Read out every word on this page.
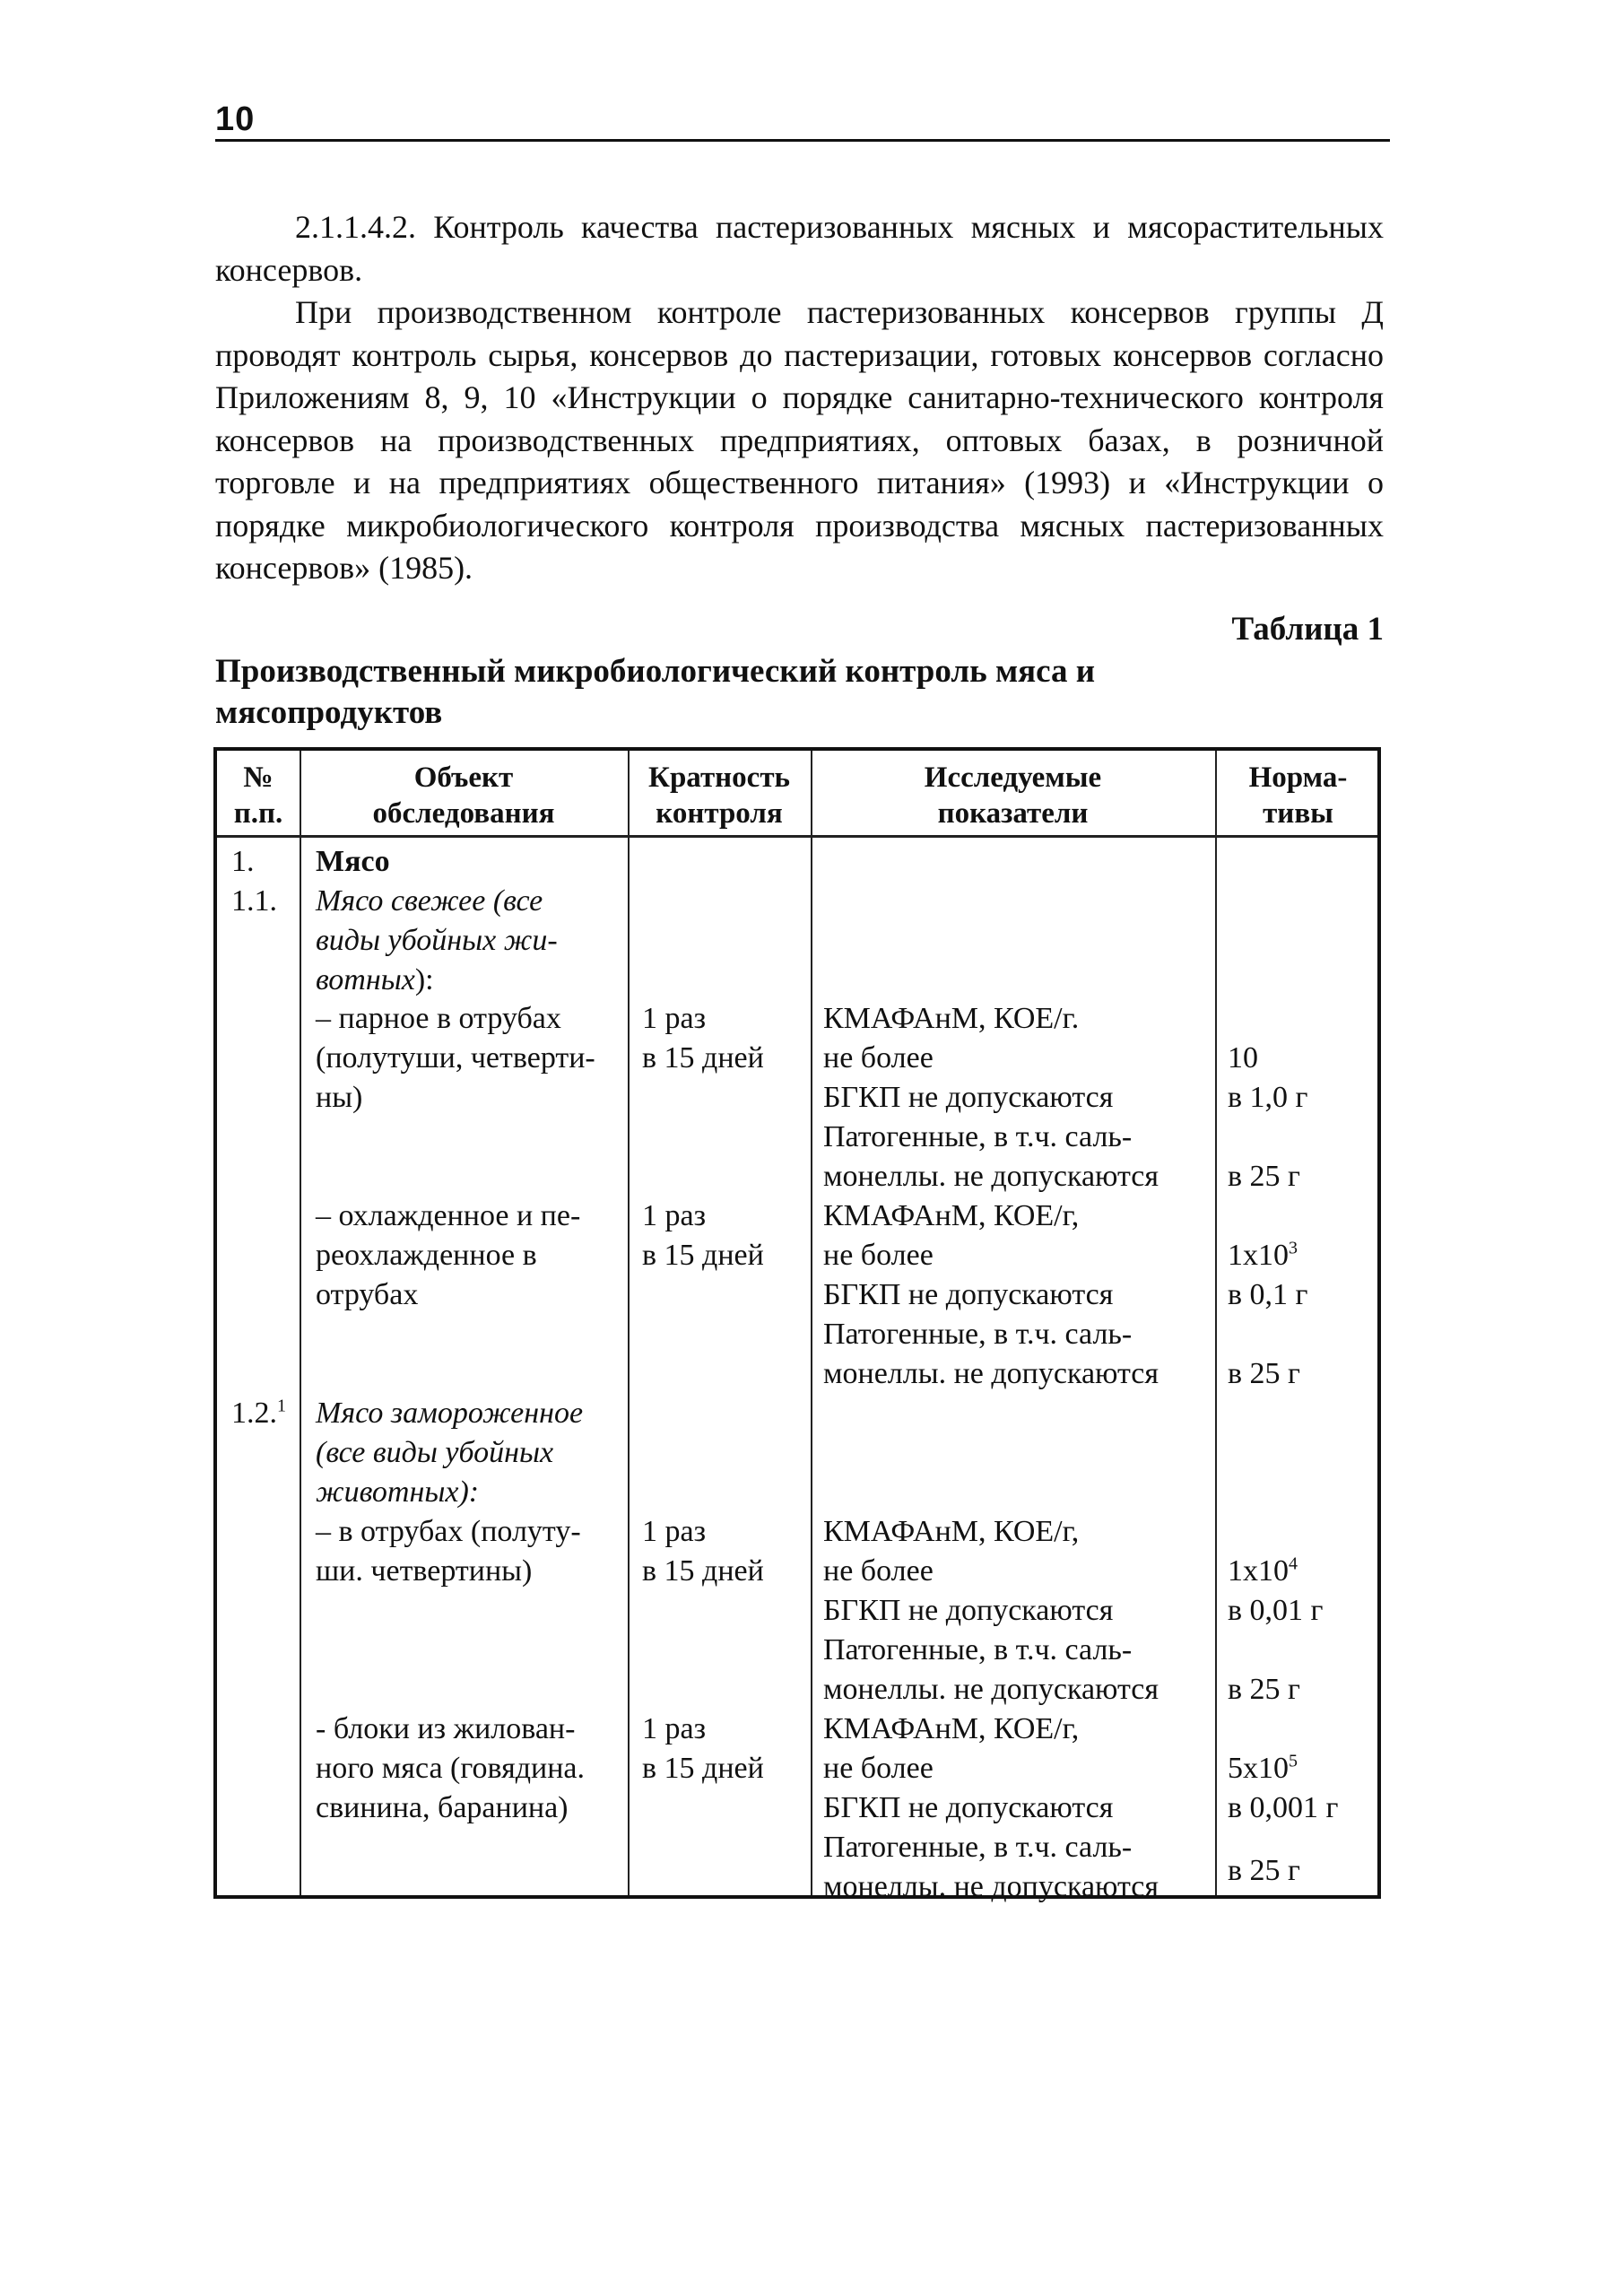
10

2.1.1.4.2. Контроль качества пастеризованных мясных и мясорастительных консервов.

При производственном контроле пастеризованных консервов группы Д проводят контроль сырья, консервов до пастеризации, готовых консервов согласно Приложениям 8, 9, 10 «Инструкции о порядке санитарно-технического контроля консервов на производственных предприятиях, оптовых базах, в розничной торговле и на предприятиях общественного питания» (1993) и «Инструкции о порядке микробиологического контроля производства мясных пастеризованных консервов» (1985).

Таблица 1

Производственный микробиологический контроль мяса и мясопродуктов

№
п.п.
Объект
обследования
Кратность
контроля
Исследуемые
показатели
Норма-
тивы
1. Мясо
1.1. Мясо свежее (все
виды убойных жи-
вотных):
– парное в отрубах
(полутуши, четверти-
ны)
1 раз
в 15 дней
КМАФАнМ, КОЕ/г.
не более
БГКП не допускаются
Патогенные, в т.ч. саль-
монеллы. не допускаются
10
в 1,0 г
в 25 г
– охлажденное и пе-
реохлажденное в
отрубах
1 раз
в 15 дней
КМАФАнМ, КОЕ/г,
не более
БГКП не допускаются
Патогенные, в т.ч. саль-
монеллы. не допускаются
$1х10^3$
в 0,1 г
в 25 г
1.2.$^1$ Мясо замороженное
(все виды убойных
животных):
– в отрубах (полуту-
ши. четвертины)
1 раз
в 15 дней
КМАФАнМ, КОЕ/г,
не более
БГКП не допускаются
Патогенные, в т.ч. саль-
монеллы. не допускаются
$1х10^4$
в 0,01 г
в 25 г
- блоки из жилован-
ного мяса (говядина.
свинина, баранина)
1 раз
в 15 дней
КМАФАнМ, КОЕ/г,
не более
БГКП не допускаются
Патогенные, в т.ч. саль-
монеллы. не допускаются
$5х10^5$
в 0,001 г
в 25 г
